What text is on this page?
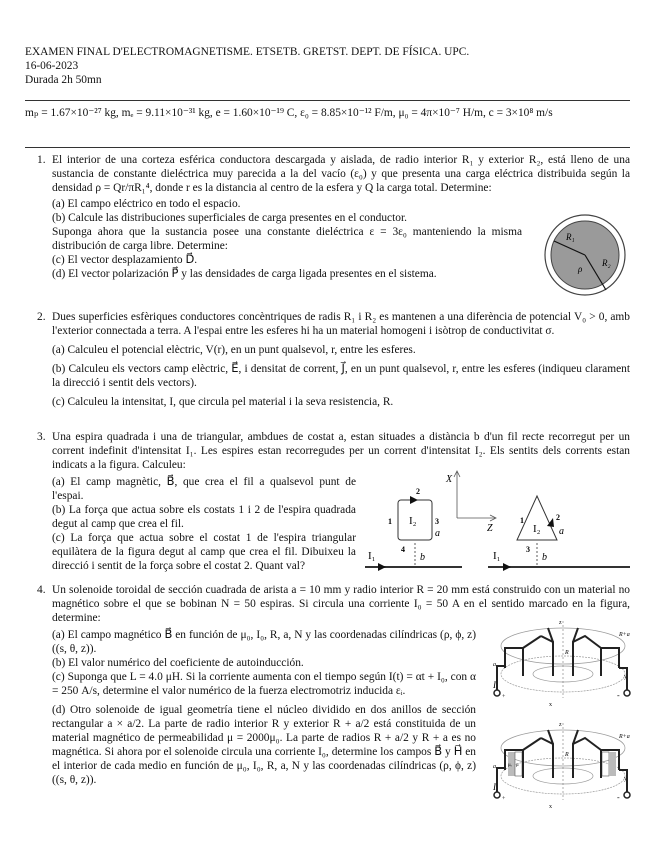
EXAMEN FINAL D'ELECTROMAGNETISME. ETSETB. GRETST. DEPT. DE FÍSICA. UPC.
16-06-2023
Durada 2h 50mn
mₚ = 1.67×10⁻²⁷ kg, mₑ = 9.11×10⁻³¹ kg, e = 1.60×10⁻¹⁹ C, ε₀ = 8.85×10⁻¹² F/m, μ₀ = 4π×10⁻⁷ H/m, c = 3×10⁸ m/s
1. El interior de una corteza esférica conductora descargada y aislada, de radio interior R₁ y exterior R₂, está lleno de una sustancia de constante dieléctrica muy parecida a la del vacío (ε₀) y que presenta una carga eléctrica distribuida según la densidad ρ = Qr/πR₁⁴, donde r es la distancia al centro de la esfera y Q la carga total. Determine:

(a) El campo eléctrico en todo el espacio.

(b) Calcule las distribuciones superficiales de carga presentes en el conductor.

Suponga ahora que la sustancia posee una constante dieléctrica ε = 3ε₀ manteniendo la misma distribución de carga libre. Determine:

(c) El vector desplazamiento D⃗.

(d) El vector polarización P⃗ y las densidades de carga ligada presentes en el sistema.

R₁
R₂
ρ
2. Dues superficies esfèriques conductores concèntriques de radis R₁ i R₂ es mantenen a una diferència de potencial V₀ > 0, amb l'exterior connectada a terra. A l'espai entre les esferes hi ha un material homogeni i isòtrop de conductivitat σ.

(a) Calculeu el potencial elèctric, V(r), en un punt qualsevol, r, entre les esferes.

(b) Calculeu els vectors camp elèctric, E⃗, i densitat de corrent, J⃗, en un punt qualsevol, r, entre les esferes (indiqueu clarament la direcció i sentit dels vectors).

(c) Calculeu la intensitat, I, que circula pel material i la seva resistencia, R.

3. Una espira quadrada i una de triangular, ambdues de costat a, estan situades a distància b d'un fil recte recorregut per un corrent indefinit d'intensitat I₁. Les espires estan recorregudes per un corrent d'intensitat I₂. Els sentits dels corrents estan indicats a la figura. Calculeu:

(a) El camp magnètic, B⃗, que crea el fil a qualsevol punt de l'espai.

(b) La força que actua sobre els costats 1 i 2 de l'espira quadrada degut al camp que crea el fil.

(c) La força que actua sobre el costat 1 de l'espira triangular equilàtera de la figura degut al camp que crea el fil. Dibuixeu la direcció i sentit de la força sobre el costat 2. Quant val?

X
Z
I₂
2
1	3
a
4
b
I₁
I₂
1	2
a
3
b
I₁
4. Un solenoide toroidal de sección cuadrada de arista a = 10 mm y radio interior R = 20 mm está construido con un material no magnético sobre el que se bobinan N = 50 espiras. Si circula una corriente I₀ = 50 A en el sentido marcado en la figura, determine:

(a) El campo magnético B⃗ en función de μ₀, I₀, R, a, N y las coordenadas cilíndricas (ρ, ϕ, z) ((s, θ, z)).

(b) El valor numérico del coeficiente de autoinducción.

(c) Suponga que L = 4.0 μH. Si la corriente aumenta con el tiempo según I(t) = αt + I₀, con α = 250 A/s, determine el valor numérico de la fuerza electromotriz inducida εᵢ.

(d) Otro solenoide de igual geometría tiene el núcleo dividido en dos anillos de sección rectangular a × a/2. La parte de radio interior R y exterior R + a/2 está constituida de un material magnético de permeabilidad μ = 2000μ₀. La parte de radios R + a/2 y R + a es no magnética. Si ahora por el solenoide circula una corriente I₀, determine los campos B⃗ y H⃗ en el interior de cada medio en función de μ₀, I₀, R, a, N y las coordenadas cilíndricas (ρ, ϕ, z) ((s, θ, z)).

z
R+a
R
y
x
a
I
+	-
z
R+a
R
μᵣ μ
y
x
a
I
+	-
